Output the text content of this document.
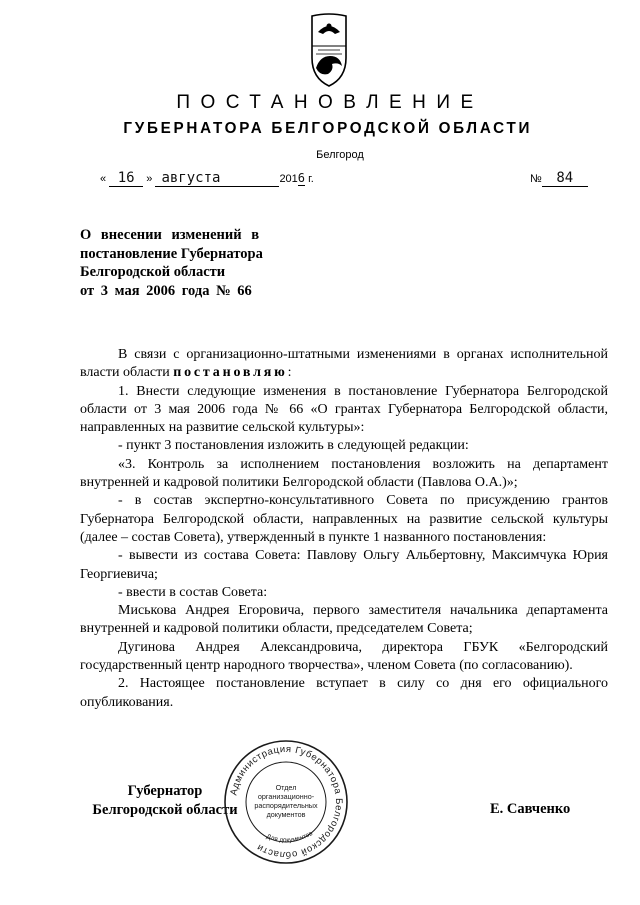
ПОСТАНОВЛЕНИЕ
ГУБЕРНАТОРА БЕЛГОРОДСКОЙ ОБЛАСТИ
Белгород
« 16 » августа	2016 г.	№ 84
О внесении изменений в
постановление Губернатора
Белгородской области
от 3 мая 2006 года № 66

В связи с организационно-штатными изменениями в органах исполнительной власти области постановляю:

1. Внести следующие изменения в постановление Губернатора Белгородской области от 3 мая 2006 года № 66 «О грантах Губернатора Белгородской области, направленных на развитие сельской культуры»:

- пункт 3 постановления изложить в следующей редакции:

«3. Контроль за исполнением постановления возложить на департамент внутренней и кадровой политики Белгородской области (Павлова О.А.)»;

- в состав экспертно-консультативного Совета по присуждению грантов Губернатора Белгородской области, направленных на развитие сельской культуры (далее – состав Совета), утвержденный в пункте 1 названного постановления:

- вывести из состава Совета: Павлову Ольгу Альбертовну, Максимчука Юрия Георгиевича;

- ввести в состав Совета:

Миськова Андрея Егоровича, первого заместителя начальника департамента внутренней и кадровой политики области, председателем Совета;

Дугинова Андрея Александровича, директора ГБУК «Белгородский государственный центр народного творчества», членом Совета (по согласованию).

2. Настоящее постановление вступает в силу со дня его официального опубликования.

Губернатор
Белгородской области	Е. Савченко
Администрация Губернатора Белгородской области
Отдел
организационно-
распорядительных
документов
Для документов
